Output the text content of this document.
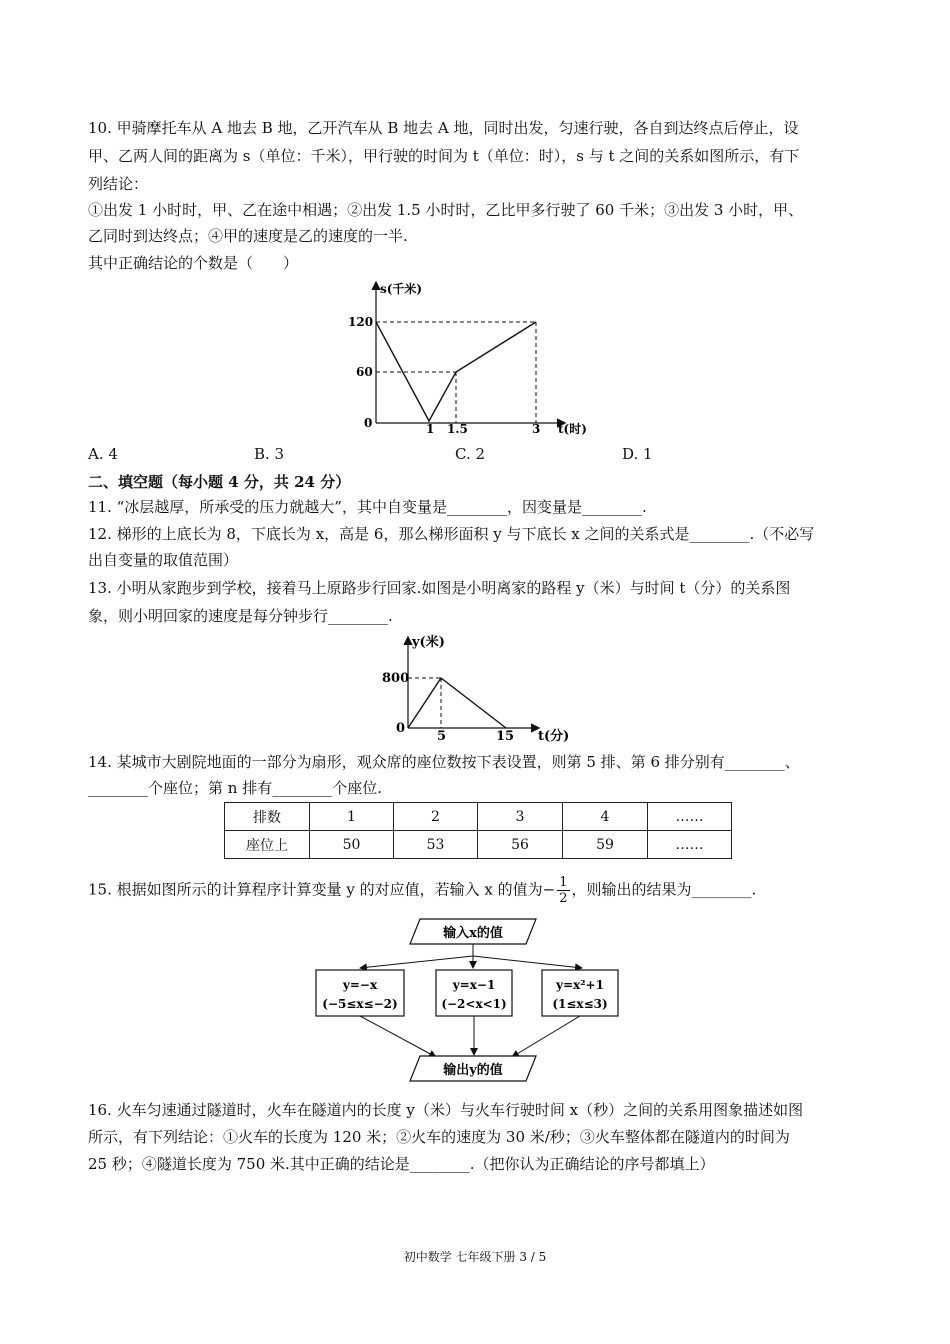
10. 甲骑摩托车从 A 地去 B 地，乙开汽车从 B 地去 A 地，同时出发，匀速行驶，各自到达终点后停止，设
甲、乙两人间的距离为 s（单位：千米），甲行驶的时间为 t（单位：时），s 与 t 之间的关系如图所示，有下
列结论：
①出发 1 小时时，甲、乙在途中相遇；②出发 1.5 小时时，乙比甲多行驶了 60 千米；③出发 3 小时，甲、
乙同时到达终点；④甲的速度是乙的速度的一半.
其中正确结论的个数是（　　）
s(千米)
t(时)
120
60
0	1 1.5	3
A. 4	B. 3	C. 2	D. 1
二、填空题（每小题 4 分，共 24 分）
11. “冰层越厚，所承受的压力就越大”，其中自变量是________，因变量是________.
12. 梯形的上底长为 8，下底长为 x，高是 6，那么梯形面积 y 与下底长 x 之间的关系式是________.（不必写
出自变量的取值范围）
13. 小明从家跑步到学校，接着马上原路步行回家.如图是小明离家的路程 y（米）与时间 t（分）的关系图
象，则小明回家的速度是每分钟步行________.
y(米)
t(分)
800
0
5	15
14. 某城市大剧院地面的一部分为扇形，观众席的座位数按下表设置，则第 5 排、第 6 排分别有________、
________个座位；第 n 排有________个座位.
排数	1	2	3	4	……
座位上	50	53	56	59	……
15. 根据如图所示的计算程序计算变量 y 的对应值，若输入 x 的值为− $\frac{1}{2}$ ，则输出的结果为________.
输入x的值
y=−x
(−5≤x≤−2)
y=x−1
(−2<x<1)
y=x²+1
(1≤x≤3)
输出y的值
16. 火车匀速通过隧道时，火车在隧道内的长度 y（米）与火车行驶时间 x（秒）之间的关系用图象描述如图
所示，有下列结论：①火车的长度为 120 米；②火车的速度为 30 米/秒；③火车整体都在隧道内的时间为
25 秒；④隧道长度为 750 米.其中正确的结论是________.（把你认为正确结论的序号都填上）
初中数学 七年级下册 3 / 5
